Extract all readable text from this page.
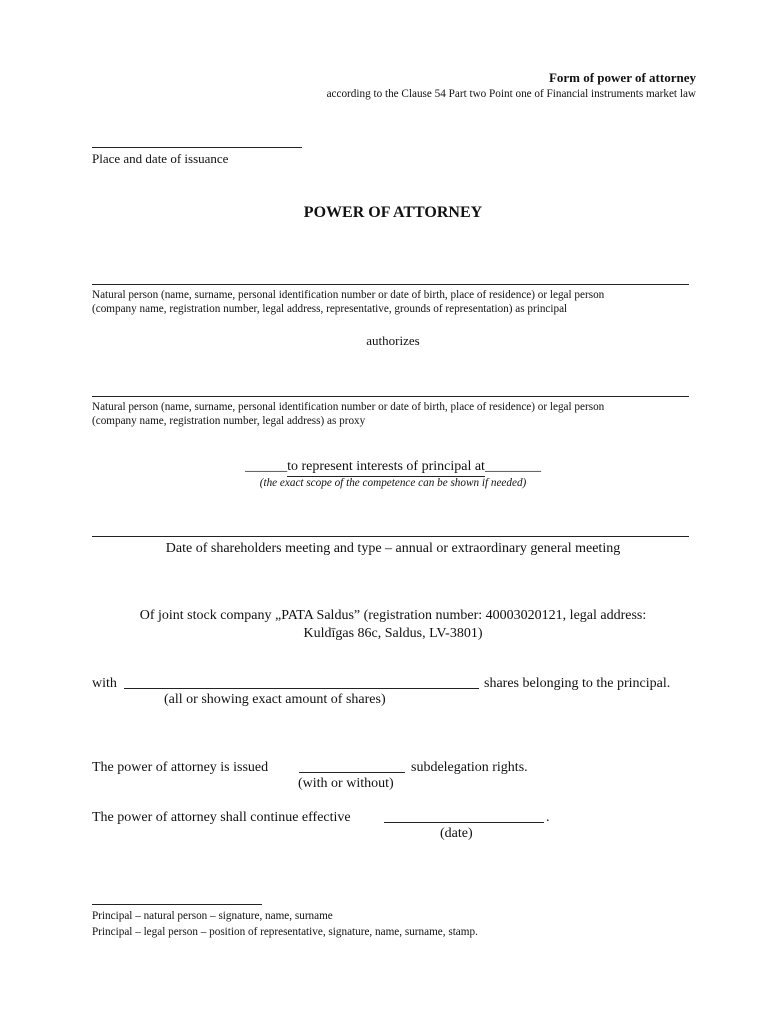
Form of power of attorney
according to the Clause 54 Part two Point one of Financial instruments market law
Place and date of issuance
POWER OF ATTORNEY
Natural person (name, surname, personal identification number or date of birth, place of residence) or legal person
(company name, registration number, legal address, representative, grounds of representation) as principal
authorizes
Natural person (name, surname, personal identification number or date of birth, place of residence) or legal person
(company name, registration number, legal address) as proxy
______to represent interests of principal at________
(the exact scope of the competence can be shown if needed)
Date of shareholders meeting and type – annual or extraordinary general meeting
Of joint stock company „PATA Saldus” (registration number: 40003020121, legal address:
Kuldīgas 86c, Saldus, LV-3801)
with	shares belonging to the principal.
(all or showing exact amount of shares)
The power of attorney is issued	subdelegation rights.
(with or without)
The power of attorney shall continue effective	.
(date)
Principal – natural person – signature, name, surname
Principal – legal person – position of representative, signature, name, surname, stamp.
